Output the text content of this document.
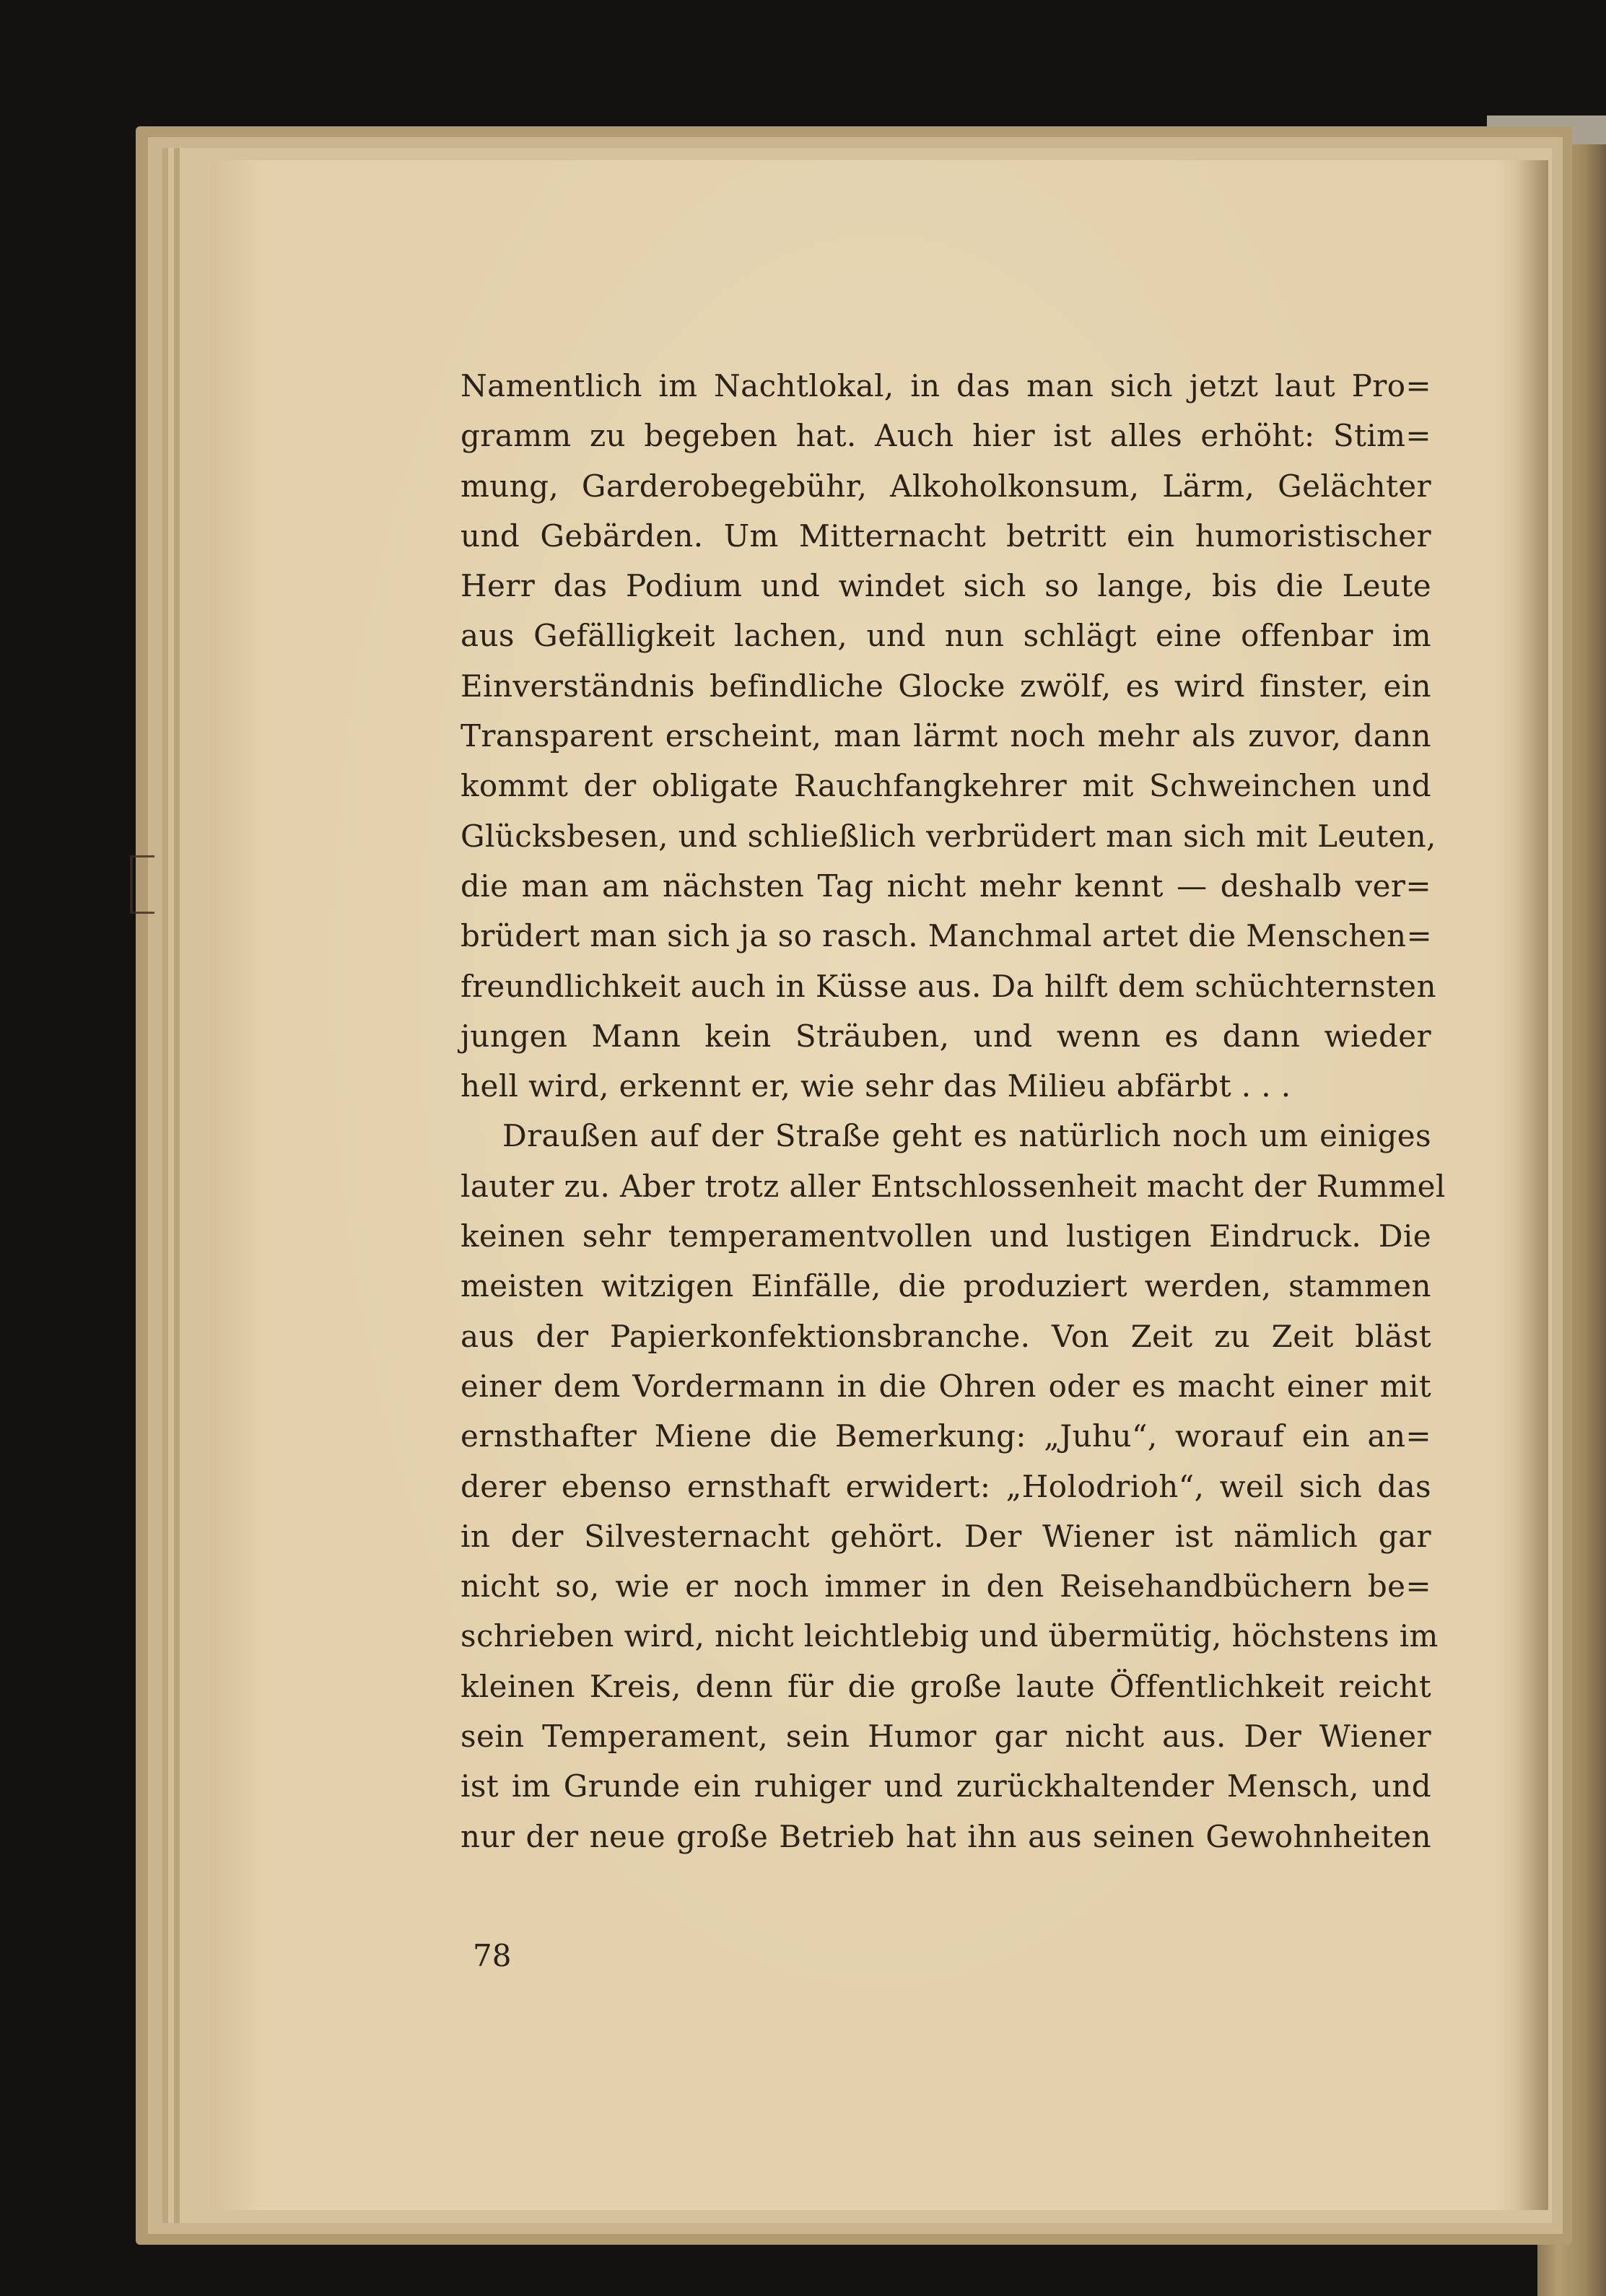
Namentlich im Nachtlokal, in das man sich jetzt laut Pro=
gramm zu begeben hat. Auch hier ist alles erhöht: Stim=
mung, Garderobegebühr, Alkoholkonsum, Lärm, Gelächter
und Gebärden. Um Mitternacht betritt ein humoristischer
Herr das Podium und windet sich so lange, bis die Leute
aus Gefälligkeit lachen, und nun schlägt eine offenbar im
Einverständnis befindliche Glocke zwölf, es wird finster, ein
Transparent erscheint, man lärmt noch mehr als zuvor, dann
kommt der obligate Rauchfangkehrer mit Schweinchen und
Glücksbesen, und schließlich verbrüdert man sich mit Leuten,
die man am nächsten Tag nicht mehr kennt — deshalb ver=
brüdert man sich ja so rasch. Manchmal artet die Menschen=
freundlichkeit auch in Küsse aus. Da hilft dem schüchternsten
jungen Mann kein Sträuben, und wenn es dann wieder
hell wird, erkennt er, wie sehr das Milieu abfärbt . . .
Draußen auf der Straße geht es natürlich noch um einiges
lauter zu. Aber trotz aller Entschlossenheit macht der Rummel
keinen sehr temperamentvollen und lustigen Eindruck. Die
meisten witzigen Einfälle, die produziert werden, stammen
aus der Papierkonfektionsbranche. Von Zeit zu Zeit bläst
einer dem Vordermann in die Ohren oder es macht einer mit
ernsthafter Miene die Bemerkung: „Juhu“, worauf ein an=
derer ebenso ernsthaft erwidert: „Holodrioh“, weil sich das
in der Silvesternacht gehört. Der Wiener ist nämlich gar
nicht so, wie er noch immer in den Reisehandbüchern be=
schrieben wird, nicht leichtlebig und übermütig, höchstens im
kleinen Kreis, denn für die große laute Öffentlichkeit reicht
sein Temperament, sein Humor gar nicht aus. Der Wiener
ist im Grunde ein ruhiger und zurückhaltender Mensch, und
nur der neue große Betrieb hat ihn aus seinen Gewohnheiten
78
